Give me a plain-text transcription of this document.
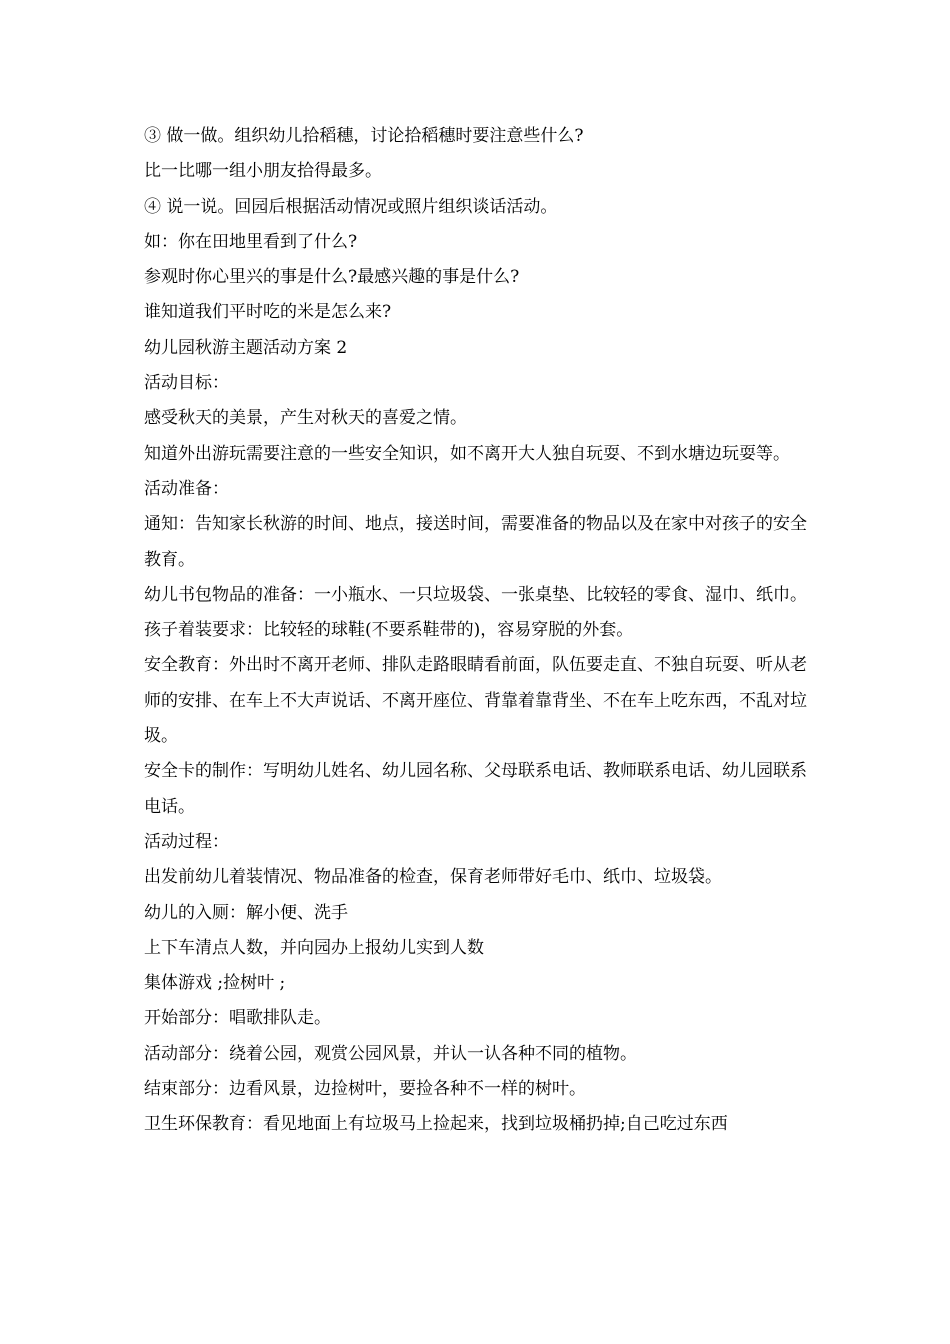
③ 做一做。组织幼儿拾稻穗，讨论拾稻穗时要注意些什么?

比一比哪一组小朋友拾得最多。

④ 说一说。回园后根据活动情况或照片组织谈话活动。

如：你在田地里看到了什么?

参观时你心里兴的事是什么?最感兴趣的事是什么?

谁知道我们平时吃的米是怎么来?

幼儿园秋游主题活动方案 2

活动目标：

感受秋天的美景，产生对秋天的喜爱之情。

知道外出游玩需要注意的一些安全知识，如不离开大人独自玩耍、不到水塘边玩耍等。

活动准备：

通知：告知家长秋游的时间、地点，接送时间，需要准备的物品以及在家中对孩子的安全教育。

幼儿书包物品的准备：一小瓶水、一只垃圾袋、一张桌垫、比较轻的零食、湿巾、纸巾。

孩子着装要求：比较轻的球鞋(不要系鞋带的)，容易穿脱的外套。

安全教育：外出时不离开老师、排队走路眼睛看前面，队伍要走直、不独自玩耍、听从老师的安排、在车上不大声说话、不离开座位、背靠着靠背坐、不在车上吃东西，不乱对垃圾。

安全卡的制作：写明幼儿姓名、幼儿园名称、父母联系电话、教师联系电话、幼儿园联系电话。

活动过程：

出发前幼儿着装情况、物品准备的检查，保育老师带好毛巾、纸巾、垃圾袋。

幼儿的入厕：解小便、洗手

上下车清点人数，并向园办上报幼儿实到人数

集体游戏 ;捡树叶 ;

开始部分：唱歌排队走。

活动部分：绕着公园，观赏公园风景，并认一认各种不同的植物。

结束部分：边看风景，边捡树叶，要捡各种不一样的树叶。

卫生环保教育：看见地面上有垃圾马上捡起来，找到垃圾桶扔掉;自己吃过东西
